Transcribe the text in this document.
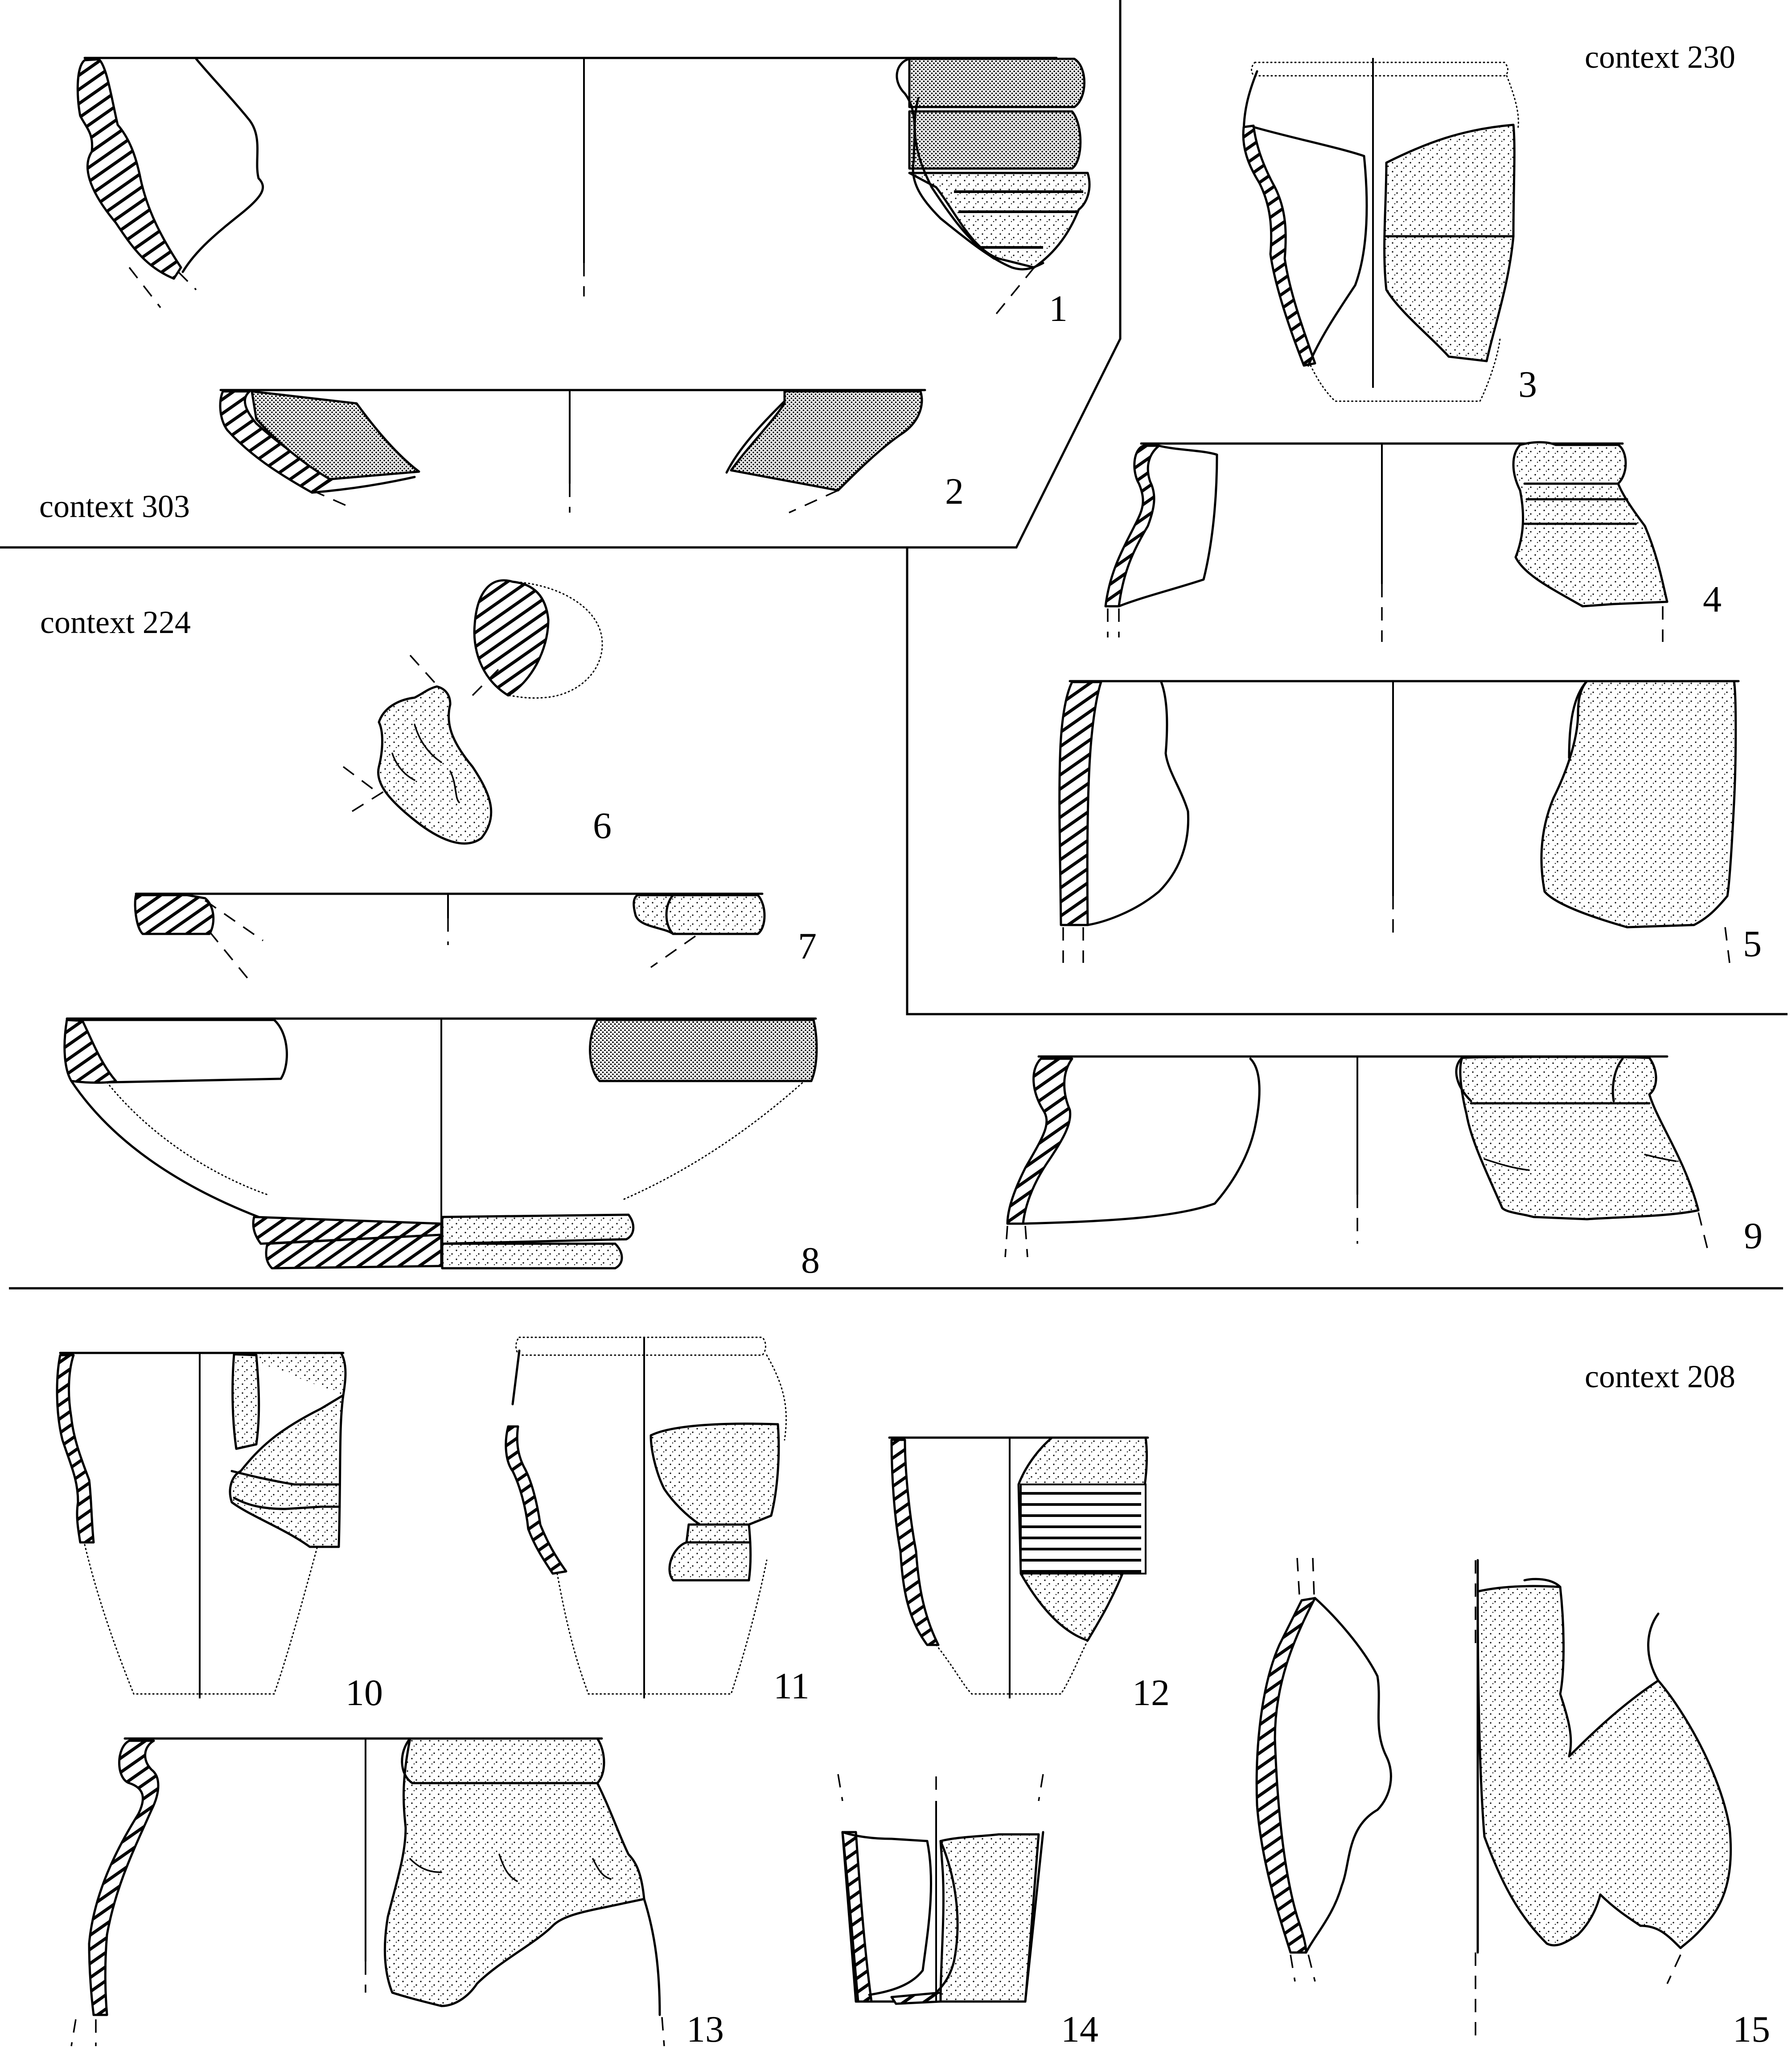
context 230
context 303
context 224
context 208
1
2
3
4
5
6
7
8
9
10	11	12
13	14	15
